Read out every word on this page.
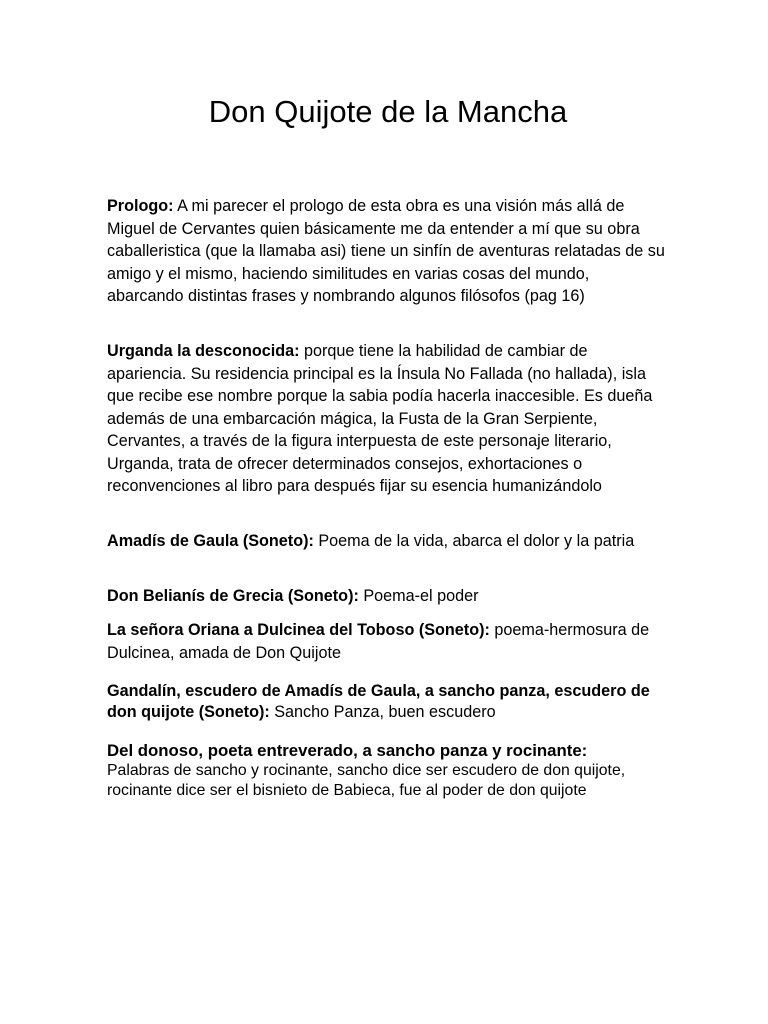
Don Quijote de la Mancha

Prologo: A mi parecer el prologo de esta obra es una visión más allá de Miguel de Cervantes quien básicamente me da entender a mí que su obra caballeristica (que la llamaba asi) tiene un sinfín de aventuras relatadas de su amigo y el mismo, haciendo similitudes en varias cosas del mundo, abarcando distintas frases y nombrando algunos filósofos (pag 16)

Urganda la desconocida: porque tiene la habilidad de cambiar de apariencia. Su residencia principal es la Ínsula No Fallada (no hallada), isla que recibe ese nombre porque la sabia podía hacerla inaccesible. Es dueña además de una embarcación mágica, la Fusta de la Gran Serpiente, Cervantes, a través de la figura interpuesta de este personaje literario, Urganda, trata de ofrecer determinados consejos, exhortaciones o reconvenciones al libro para después fijar su esencia humanizándolo

Amadís de Gaula (Soneto): Poema de la vida, abarca el dolor y la patria

Don Belianís de Grecia (Soneto): Poema-el poder

La señora Oriana a Dulcinea del Toboso (Soneto): poema-hermosura de Dulcinea, amada de Don Quijote

Gandalín, escudero de Amadís de Gaula, a sancho panza, escudero de don quijote (Soneto): Sancho Panza, buen escudero

Del donoso, poeta entreverado, a sancho panza y rocinante:
Palabras de sancho y rocinante, sancho dice ser escudero de don quijote, rocinante dice ser el bisnieto de Babieca, fue al poder de don quijote
